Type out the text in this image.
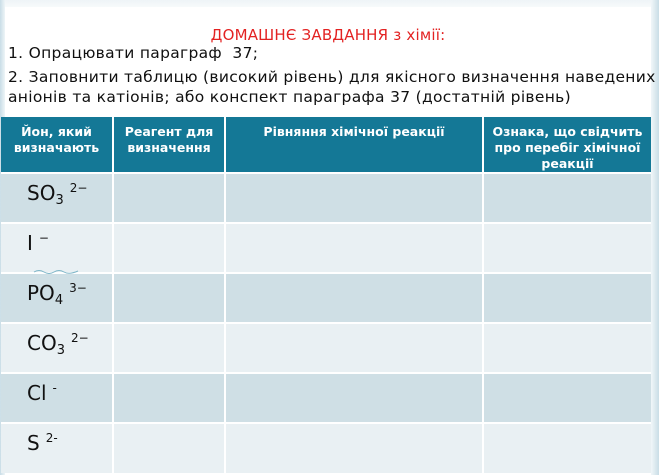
ДОМАШНЄ ЗАВДАННЯ з хімії:
1. Опрацювати параграф  37;
2. Заповнити таблицю (високий рівень) для якісного визначення наведених
аніонів та катіонів; або конспект параграфа 37 (достатній рівень)
Йон, який визначають	Реагент для визначення	Рівняння хімічної реакції	Ознака, що свідчить про перебіг хімічної реакції
$SO_3^{2-}$			
I −			
$PO_4^{3-}$			
$CO_3^{2-}$			
Cl -			
S $^{2-}$			
